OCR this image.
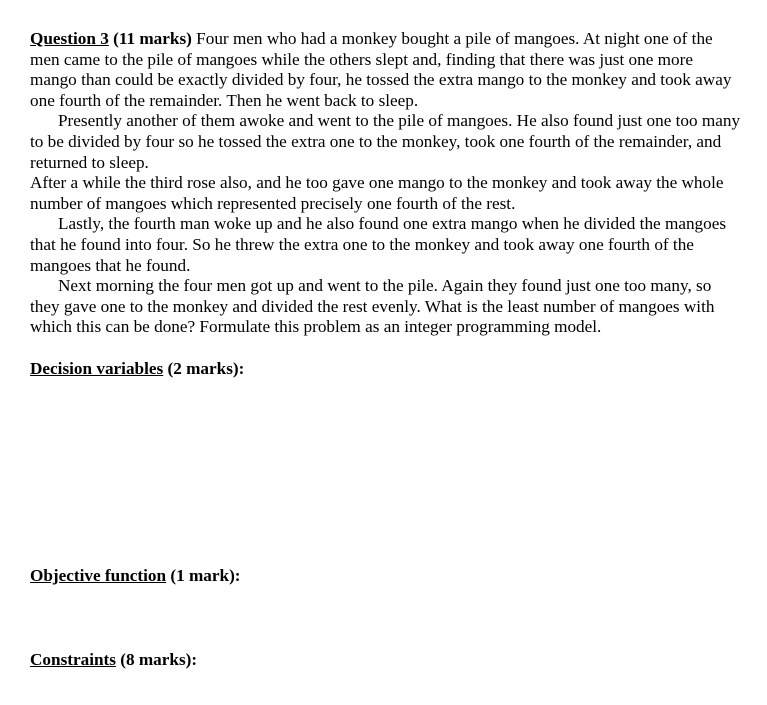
Question 3 (11 marks) Four men who had a monkey bought a pile of mangoes. At night one of the men came to the pile of mangoes while the others slept and, finding that there was just one more mango than could be exactly divided by four, he tossed the extra mango to the monkey and took away one fourth of the remainder. Then he went back to sleep.

Presently another of them awoke and went to the pile of mangoes. He also found just one too many to be divided by four so he tossed the extra one to the monkey, took one fourth of the remainder, and returned to sleep.

After a while the third rose also, and he too gave one mango to the monkey and took away the whole number of mangoes which represented precisely one fourth of the rest.

Lastly, the fourth man woke up and he also found one extra mango when he divided the mangoes that he found into four. So he threw the extra one to the monkey and took away one fourth of the mangoes that he found.

Next morning the four men got up and went to the pile. Again they found just one too many, so they gave one to the monkey and divided the rest evenly. What is the least number of mangoes with which this can be done? Formulate this problem as an integer programming model.

Decision variables (2 marks):

Objective function (1 mark):

Constraints (8 marks):
